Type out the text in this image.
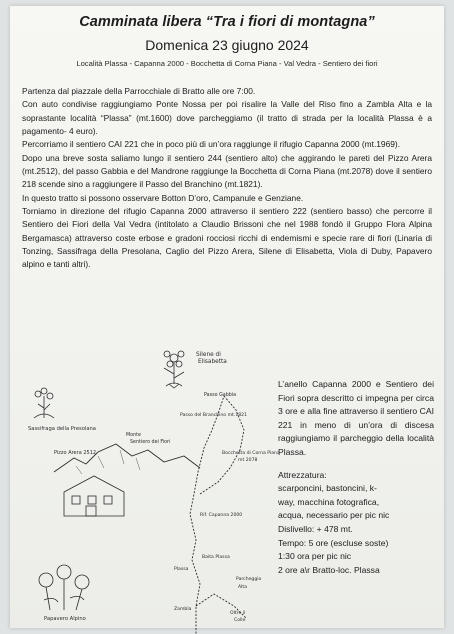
Camminata libera “Tra i fiori di montagna”
Domenica 23 giugno 2024
Località Plassa - Capanna 2000 - Bocchetta di Corna Piana - Val Vedra - Sentiero dei fiori

Partenza dal piazzale della Parrocchiale di Bratto alle ore 7:00.

Con auto condivise raggiungiamo Ponte Nossa per poi risalire la Valle del Riso fino a Zambla Alta e la soprastante località “Plassa” (mt.1600) dove parcheggiamo (il tratto di strada per la località Plassa è a pagamento- 4 euro).

Percorriamo il sentiero CAI 221 che in poco più di un’ora raggiunge il rifugio Capanna 2000 (mt.1969).

Dopo una breve sosta saliamo lungo il sentiero 244 (sentiero alto) che aggirando le pareti del Pizzo Arera (mt.2512), del passo Gabbia e del Mandrone raggiunge la Bocchetta di Corna Piana (mt.2078) dove il sentiero 218 scende sino a raggiungere il Passo del Branchino (mt.1821).

In questo tratto si possono osservare Botton D’oro, Campanule e Genziane.

Torniamo in direzione del rifugio Capanna 2000 attraverso il sentiero 222 (sentiero basso) che percorre il Sentiero dei Fiori della Val Vedra (intitolato a Claudio Brissoni che nel 1988 fondò il Gruppo Flora Alpina Bergamasca) attraverso coste erbose e gradoni rocciosi ricchi di endemismi e specie rare di fiori (Linaria di Tonzing, Sassifraga della Presolana, Caglio del Pizzo Arera, Silene di Elisabetta, Viola di Duby, Papavero alpino e tanti altri).

L’anello Capanna 2000 e Sentiero dei Fiori sopra descritto ci impegna per circa 3 ore e alla fine attraverso il sentiero CAI 221 in meno di un’ora di discesa raggiungiamo il parcheggio della località Plassa.

Attrezzatura:

scarponcini, bastoncini, k-

way, macchina fotografica,

acqua, necessario per pic nic

Dislivello: + 478 mt.

Tempo: 5 ore (escluse soste)

1:30 ora per pic nic

2 ore a\r Bratto-loc. Plassa

Silene di
Elisabetta
Sassifraga della Presolana
Pizzo Arera 2512
Monte
Sentiero dei Fiori
Passo Gabbia
Passo del Branchino mt.1821
Bocchetta di Corna Piana
mt 2078
Rif. Capanna 2000
Baita Plassa
Plassa
Parcheggio
Alta
Zambla
Oltre il
Colle
Papavero Alpino
